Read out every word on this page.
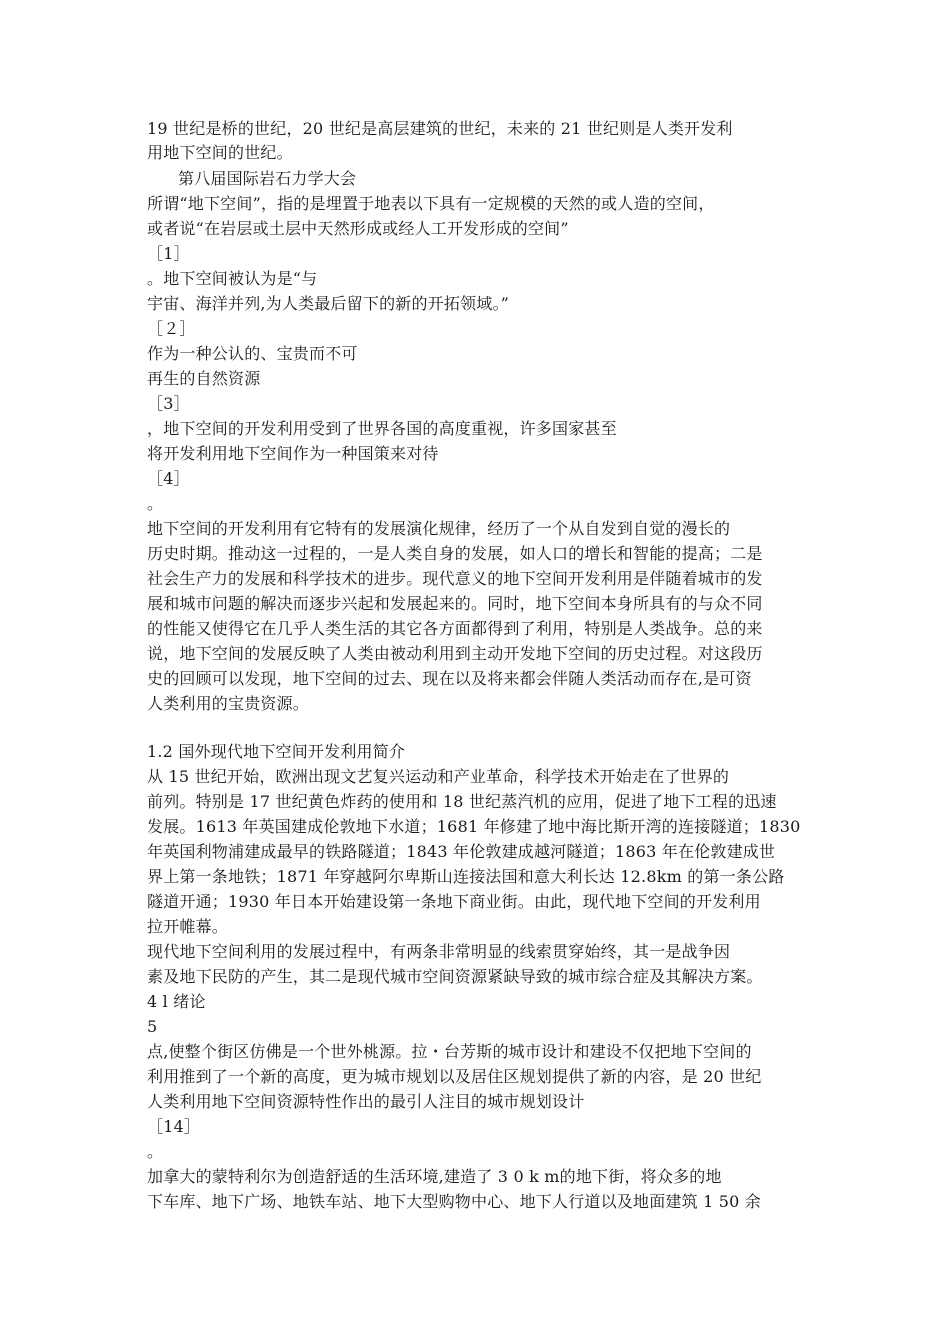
19 世纪是桥的世纪，20 世纪是高层建筑的世纪，未来的 21 世纪则是人类开发利
用地下空间的世纪。
第八届国际岩石力学大会
所谓“地下空间”，指的是埋置于地表以下具有一定规模的天然的或人造的空间，
或者说“在岩层或土层中天然形成或经人工开发形成的空间”
［1］
。地下空间被认为是“与
宇宙、海洋并列,为人类最后留下的新的开拓领域。”
［２］
作为一种公认的、宝贵而不可
再生的自然资源
［3］
，地下空间的开发利用受到了世界各国的高度重视，许多国家甚至
将开发利用地下空间作为一种国策来对待
［4］
。
地下空间的开发利用有它特有的发展演化规律，经历了一个从自发到自觉的漫长的
历史时期。推动这一过程的，一是人类自身的发展，如人口的增长和智能的提高；二是
社会生产力的发展和科学技术的进步。现代意义的地下空间开发利用是伴随着城市的发
展和城市问题的解决而逐步兴起和发展起来的。同时，地下空间本身所具有的与众不同
的性能又使得它在几乎人类生活的其它各方面都得到了利用，特别是人类战争。总的来
说，地下空间的发展反映了人类由被动利用到主动开发地下空间的历史过程。对这段历
史的回顾可以发现，地下空间的过去、现在以及将来都会伴随人类活动而存在,是可资
人类利用的宝贵资源。
1.2 国外现代地下空间开发利用简介
从 15 世纪开始，欧洲出现文艺复兴运动和产业革命，科学技术开始走在了世界的
前列。特别是 17 世纪黄色炸药的使用和 18 世纪蒸汽机的应用，促进了地下工程的迅速
发展。1613 年英国建成伦敦地下水道；1681 年修建了地中海比斯开湾的连接隧道；1830
年英国利物浦建成最早的铁路隧道；1843 年伦敦建成越河隧道；1863 年在伦敦建成世
界上第一条地铁；1871 年穿越阿尔卑斯山连接法国和意大利长达 12.8km 的第一条公路
隧道开通；1930 年日本开始建设第一条地下商业街。由此，现代地下空间的开发利用
拉开帷幕。
现代地下空间利用的发展过程中，有两条非常明显的线索贯穿始终，其一是战争因
素及地下民防的产生，其二是现代城市空间资源紧缺导致的城市综合症及其解决方案。
4 l 绪论
5
点,使整个街区仿佛是一个世外桃源。拉・台芳斯的城市设计和建设不仅把地下空间的
利用推到了一个新的高度，更为城市规划以及居住区规划提供了新的内容，是 20 世纪
人类利用地下空间资源特性作出的最引人注目的城市规划设计
［14］
。
加拿大的蒙特利尔为创造舒适的生活环境,建造了 3 0 k m的地下街，将众多的地
下车库、地下广场、地铁车站、地下大型购物中心、地下人行道以及地面建筑 1 50 余
